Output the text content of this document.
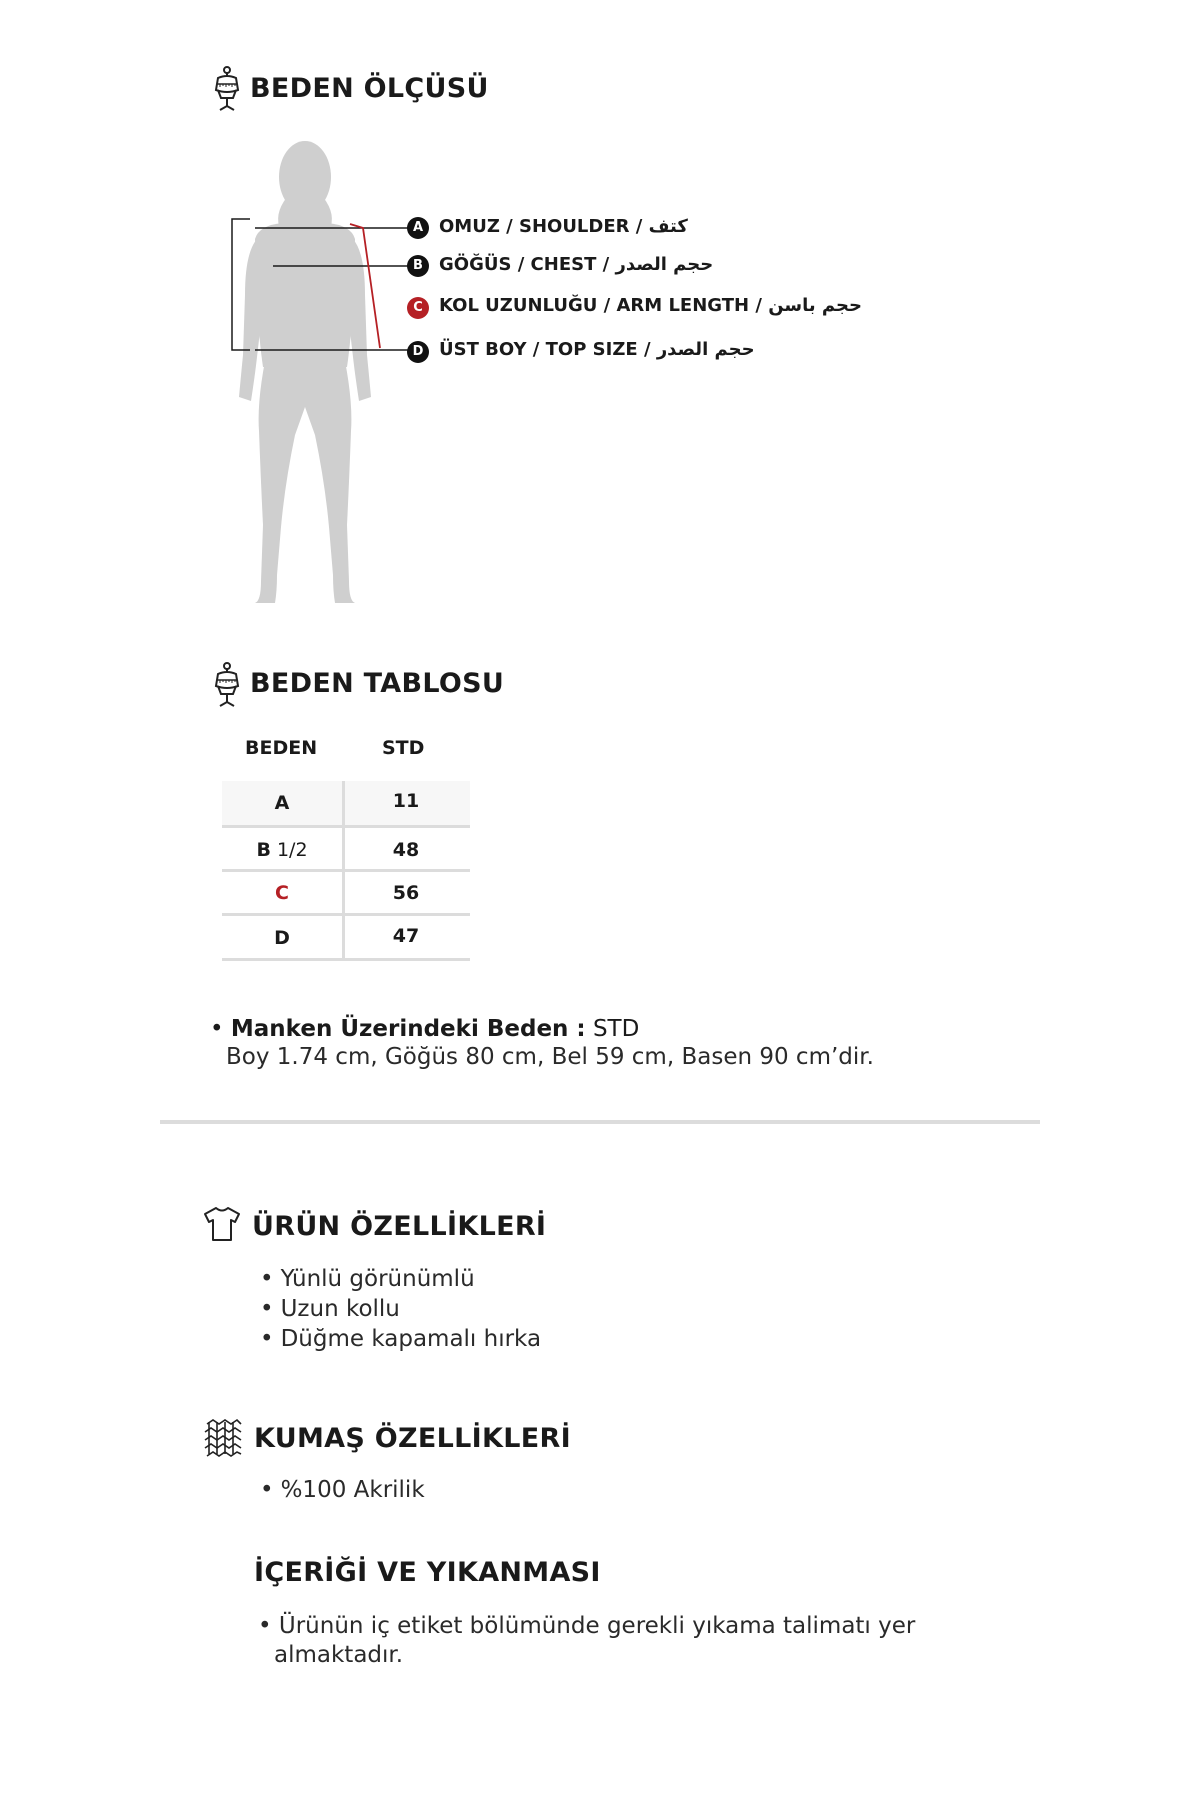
BEDEN ÖLÇÜSÜ
A OMUZ / SHOULDER / كتف
B GÖĞÜS / CHEST / حجم الصدر
C KOL UZUNLUĞU / ARM LENGTH / حجم باسن
D ÜST BOY / TOP SIZE / حجم الصدر
BEDEN TABLOSU
BEDEN	STD
A	11
B 1/2	48
C	56
D	47
• Manken Üzerindeki Beden : STD
Boy 1.74 cm, Göğüs 80 cm, Bel 59 cm, Basen 90 cm’dir.
ÜRÜN ÖZELLİKLERİ
• Yünlü görünümlü
• Uzun kollu
• Düğme kapamalı hırka
KUMAŞ ÖZELLİKLERİ
• %100 Akrilik
İÇERİĞİ VE YIKANMASI
• Ürünün iç etiket bölümünde gerekli yıkama talimatı yer
almaktadır.
